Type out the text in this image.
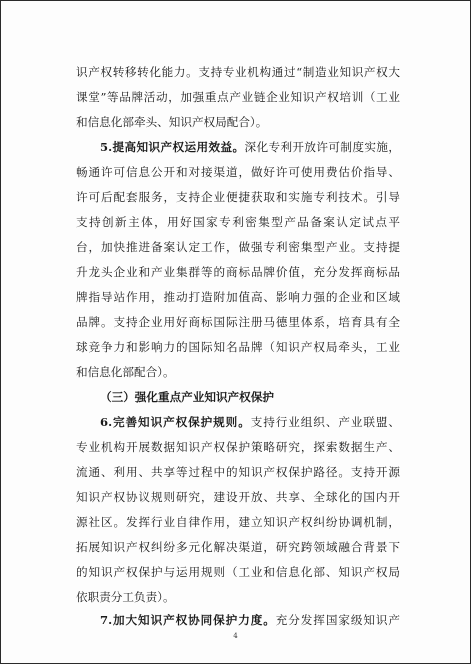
识产权转移转化能力。支持专业机构通过“制造业知识产权大
课堂”等品牌活动，加强重点产业链企业知识产权培训（工业
和信息化部牵头、知识产权局配合）。
5.提高知识产权运用效益。深化专利开放许可制度实施，
畅通许可信息公开和对接渠道，做好许可使用费估价指导、
许可后配套服务，支持企业便捷获取和实施专利技术。引导
支持创新主体，用好国家专利密集型产品备案认定试点平
台，加快推进备案认定工作，做强专利密集型产业。支持提
升龙头企业和产业集群等的商标品牌价值，充分发挥商标品
牌指导站作用，推动打造附加值高、影响力强的企业和区域
品牌。支持企业用好商标国际注册马德里体系，培育具有全
球竞争力和影响力的国际知名品牌（知识产权局牵头，工业
和信息化部配合）。
（三）强化重点产业知识产权保护
6.完善知识产权保护规则。支持行业组织、产业联盟、
专业机构开展数据知识产权保护策略研究，探索数据生产、
流通、利用、共享等过程中的知识产权保护路径。支持开源
知识产权协议规则研究，建设开放、共享、全球化的国内开
源社区。发挥行业自律作用，建立知识产权纠纷协调机制，
拓展知识产权纠纷多元化解决渠道，研究跨领域融合背景下
的知识产权保护与运用规则（工业和信息化部、知识产权局
依职责分工负责）。
7.加大知识产权协同保护力度。充分发挥国家级知识产
4
